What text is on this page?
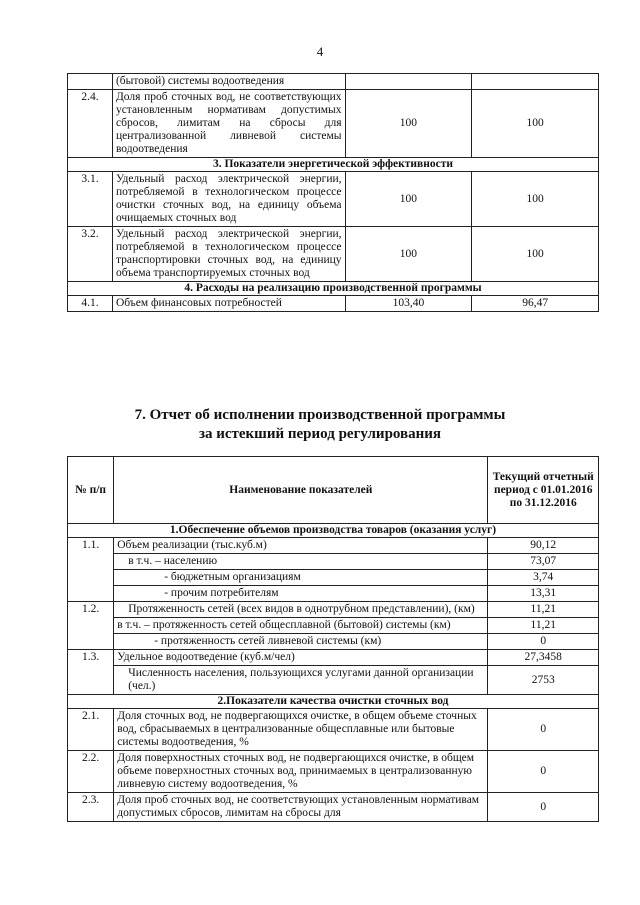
4
	(бытовой) системы водоотведения		
2.4.	Доля проб сточных вод, не соответствующих установленным нормативам допустимых сбросов, лимитам на сбросы для централизованной ливневой системы водоотведения	100	100
3. Показатели энергетической эффективности			
3.1.	Удельный расход электрической энергии, потребляемой в технологическом процессе очистки сточных вод, на единицу объема очищаемых сточных вод	100	100
3.2.	Удельный расход электрической энергии, потребляемой в технологическом процессе транспортировки сточных вод, на единицу объема транспортируемых сточных вод	100	100
4. Расходы на реализацию производственной программы			
4.1.	Объем финансовых потребностей	103,40	96,47
7. Отчет об исполнении производственной программы
за истекший период регулирования
№ п/п	Наименование показателей	Текущий отчетный период с 01.01.2016 по 31.12.2016
1.Обеспечение объемов производства товаров (оказания услуг)		
1.1.	Объем реализации (тыс.куб.м)	90,12
	в т.ч. – населению	73,07
	- бюджетным организациям	3,74
	- прочим потребителям	13,31
1.2.	Протяженность сетей (всех видов в однотрубном представлении), (км)	11,21
	в т.ч. – протяженность сетей общесплавной (бытовой) системы (км)	11,21
	- протяженность сетей ливневой системы (км)	0
1.3.	Удельное водоотведение (куб.м/чел)	27,3458
	Численность населения, пользующихся услугами данной организации (чел.)	2753
2.Показатели качества очистки сточных вод		
2.1.	Доля сточных вод, не подвергающихся очистке, в общем объеме сточных вод, сбрасываемых в централизованные общесплавные или бытовые системы водоотведения, %	0
2.2.	Доля поверхностных сточных вод, не подвергающихся очистке, в общем объеме поверхностных сточных вод, принимаемых в централизованную ливневую систему водоотведения, %	0
2.3.	Доля проб сточных вод, не соответствующих установленным нормативам допустимых сбросов, лимитам на сбросы для	0
